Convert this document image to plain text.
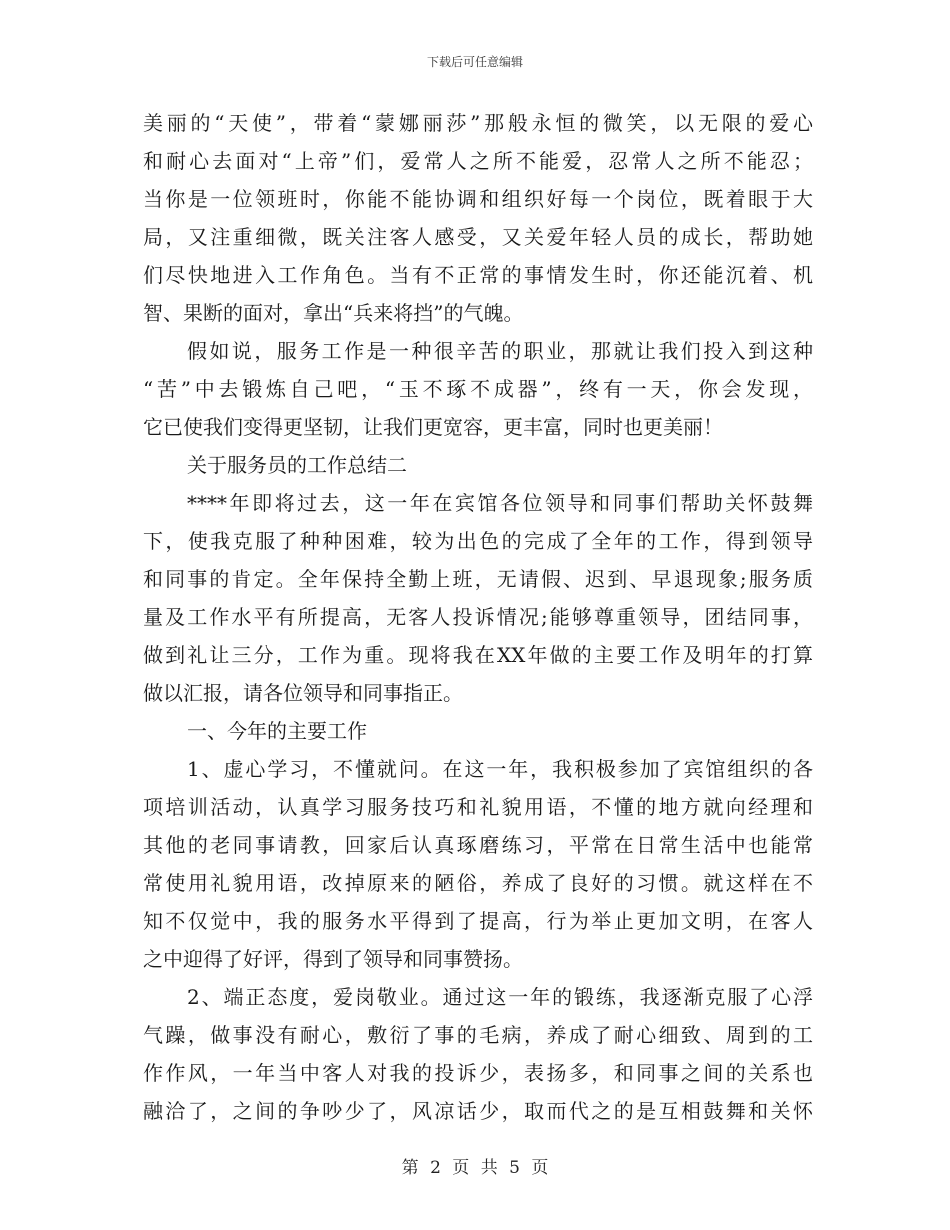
下载后可任意编辑
美丽的“天使”，带着“蒙娜丽莎”那般永恒的微笑，以无限的爱心
和耐心去面对“上帝”们，爱常人之所不能爱，忍常人之所不能忍；
当你是一位领班时，你能不能协调和组织好每一个岗位，既着眼于大
局，又注重细微，既关注客人感受，又关爱年轻人员的成长，帮助她
们尽快地进入工作角色。当有不正常的事情发生时，你还能沉着、机
智、果断的面对，拿出“兵来将挡”的气魄。
假如说，服务工作是一种很辛苦的职业，那就让我们投入到这种
“苦”中去锻炼自己吧，“玉不琢不成器”，终有一天，你会发现，
它已使我们变得更坚韧，让我们更宽容，更丰富，同时也更美丽！
关于服务员的工作总结二
****年即将过去，这一年在宾馆各位领导和同事们帮助关怀鼓舞
下，使我克服了种种困难，较为出色的完成了全年的工作，得到领导
和同事的肯定。全年保持全勤上班，无请假、迟到、早退现象;服务质
量及工作水平有所提高，无客人投诉情况;能够尊重领导，团结同事，
做到礼让三分，工作为重。现将我在XX年做的主要工作及明年的打算
做以汇报，请各位领导和同事指正。
一、今年的主要工作
1、虚心学习，不懂就问。在这一年，我积极参加了宾馆组织的各
项培训活动，认真学习服务技巧和礼貌用语，不懂的地方就向经理和
其他的老同事请教，回家后认真琢磨练习，平常在日常生活中也能常
常使用礼貌用语，改掉原来的陋俗，养成了良好的习惯。就这样在不
知不仅觉中，我的服务水平得到了提高，行为举止更加文明，在客人
之中迎得了好评，得到了领导和同事赞扬。
2、端正态度，爱岗敬业。通过这一年的锻练，我逐渐克服了心浮
气躁，做事没有耐心，敷衍了事的毛病，养成了耐心细致、周到的工
作作风，一年当中客人对我的投诉少，表扬多，和同事之间的关系也
融洽了，之间的争吵少了，风凉话少，取而代之的是互相鼓舞和关怀
第 2 页 共 5 页
